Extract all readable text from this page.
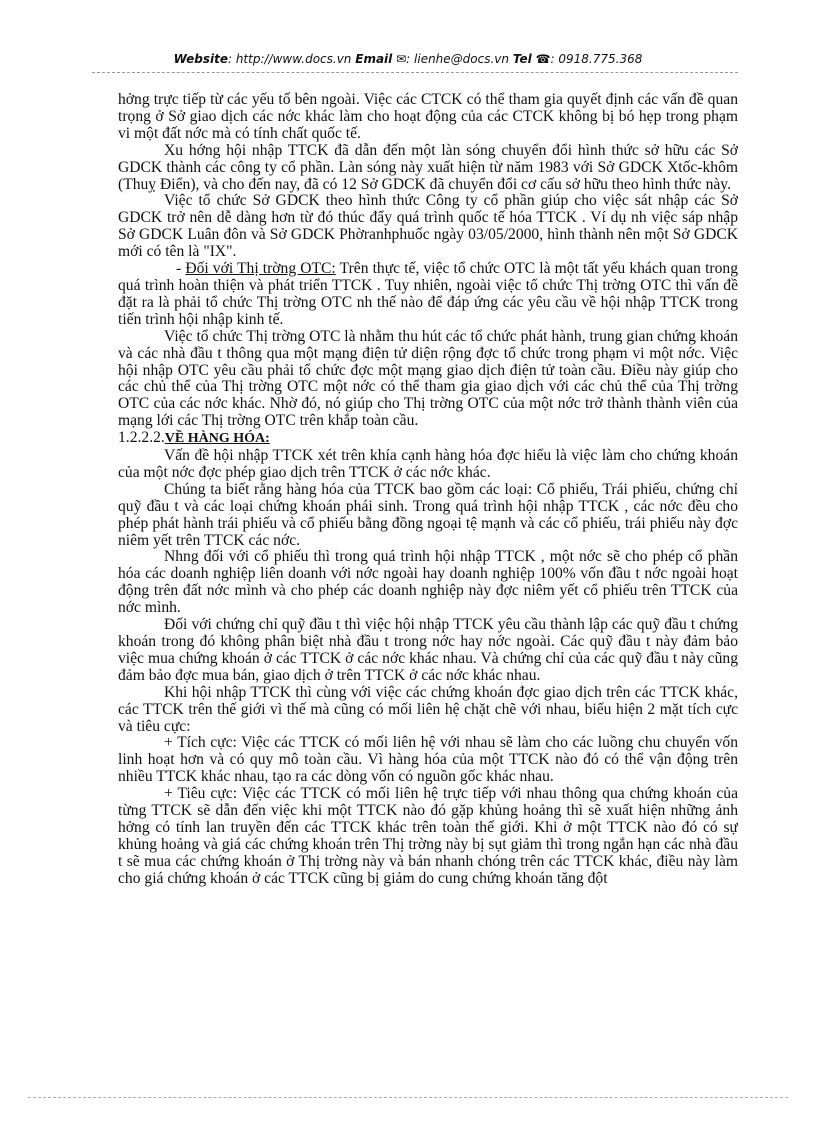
Website: http://www.docs.vn Email ✉: lienhe@docs.vn Tel ☎: 0918.775.368

hởng trực tiếp từ các yếu tố bên ngoài. Việc các CTCK có thể tham gia quyết định các vấn đề quan trọng ở Sở giao dịch các nớc khác làm cho hoạt động của các CTCK không bị bó hẹp trong phạm vi một đất nớc mà có tính chất quốc tế.

Xu hớng hội nhập TTCK đã dẫn đến một làn sóng chuyển đổi hình thức sở hữu các Sở GDCK thành các công ty cổ phần. Làn sóng này xuất hiện từ năm 1983 với Sở GDCK Xtốc-khôm (Thuỵ Điển), và cho đến nay, đã có 12 Sở GDCK đã chuyển đổi cơ cấu sở hữu theo hình thức này.

Việc tổ chức Sở GDCK theo hình thức Công ty cổ phần giúp cho việc sát nhập các Sở GDCK trở nên dễ dàng hơn từ đó thúc đẩy quá trình quốc tế hóa TTCK . Ví dụ nh việc sáp nhập Sở GDCK Luân đôn và Sở GDCK Phờranhphuốc ngày 03/05/2000, hình thành nên một Sở GDCK mới có tên là "IX".

- Đối với Thị trờng OTC: Trên thực tế, việc tổ chức OTC là một tất yếu khách quan trong quá trình hoàn thiện và phát triển TTCK . Tuy nhiên, ngoài việc tổ chức Thị trờng OTC thì vấn đề đặt ra là phải tổ chức Thị trờng OTC nh thế nào để đáp ứng các yêu cầu về hội nhập TTCK trong tiến trình hội nhập kinh tế.

Việc tổ chức Thị trờng OTC là nhằm thu hút các tổ chức phát hành, trung gian chứng khoán và các nhà đầu t thông qua một mạng điện tử diện rộng đợc tổ chức trong phạm vi một nớc. Việc hội nhập OTC yêu cầu phải tổ chức đợc một mạng giao dịch điện tử toàn cầu. Điều này giúp cho các chủ thể của Thị trờng OTC một nớc có thể tham gia giao dịch với các chủ thể của Thị trờng OTC của các nớc khác. Nhờ đó, nó giúp cho Thị trờng OTC của một nớc trở thành thành viên của mạng lới các Thị trờng OTC trên khắp toàn cầu.

1.2.2.2.VỀ HÀNG HÓA:

Vấn đề hội nhập TTCK xét trên khía cạnh hàng hóa đợc hiểu là việc làm cho chứng khoán của một nớc đợc phép giao dịch trên TTCK ở các nớc khác.

Chúng ta biết rằng hàng hóa của TTCK bao gồm các loại: Cổ phiếu, Trái phiếu, chứng chỉ quỹ đầu t và các loại chứng khoán phái sinh. Trong quá trình hội nhập TTCK , các nớc đều cho phép phát hành trái phiếu và cổ phiếu bằng đồng ngoại tệ mạnh và các cổ phiếu, trái phiếu này đợc niêm yết trên TTCK các nớc.

Nhng đối với cổ phiếu thì trong quá trình hội nhập TTCK , một nớc sẽ cho phép cổ phần hóa các doanh nghiệp liên doanh với nớc ngoài hay doanh nghiệp 100% vốn đầu t nớc ngoài hoạt động trên đất nớc mình và cho phép các doanh nghiệp này đợc niêm yết cổ phiếu trên TTCK của nớc mình.

Đối với chứng chỉ quỹ đầu t thì việc hội nhập TTCK yêu cầu thành lập các quỹ đầu t chứng khoán trong đó không phân biệt nhà đầu t trong nớc hay nớc ngoài. Các quỹ đầu t này đảm bảo việc mua chứng khoán ở các TTCK ở các nớc khác nhau. Và chứng chỉ của các quỹ đầu t này cũng đảm bảo đợc mua bán, giao dịch ở trên TTCK ở các nớc khác nhau.

Khi hội nhập TTCK thì cùng với việc các chứng khoán đợc giao dịch trên các TTCK khác, các TTCK trên thế giới vì thế mà cũng có mối liên hệ chặt chẽ với nhau, biểu hiện 2 mặt tích cực và tiêu cực:

+ Tích cực: Việc các TTCK có mối liên hệ với nhau sẽ làm cho các luồng chu chuyển vốn linh hoạt hơn và có quy mô toàn cầu. Vì hàng hóa của một TTCK nào đó có thể vận động trên nhiều TTCK khác nhau, tạo ra các dòng vốn có nguồn gốc khác nhau.

+ Tiêu cực: Việc các TTCK có mối liên hệ trực tiếp với nhau thông qua chứng khoán của từng TTCK sẽ dẫn đến việc khi một TTCK nào đó gặp khủng hoảng thì sẽ xuất hiện những ảnh hởng có tính lan truyền đến các TTCK khác trên toàn thế giới. Khi ở một TTCK nào đó có sự khủng hoảng và giá các chứng khoán trên Thị trờng này bị sụt giảm thì trong ngắn hạn các nhà đầu t sẽ mua các chứng khoán ở Thị trờng này và bán nhanh chóng trên các TTCK khác, điều này làm cho giá chứng khoán ở các TTCK cũng bị giảm do cung chứng khoán tăng đột
